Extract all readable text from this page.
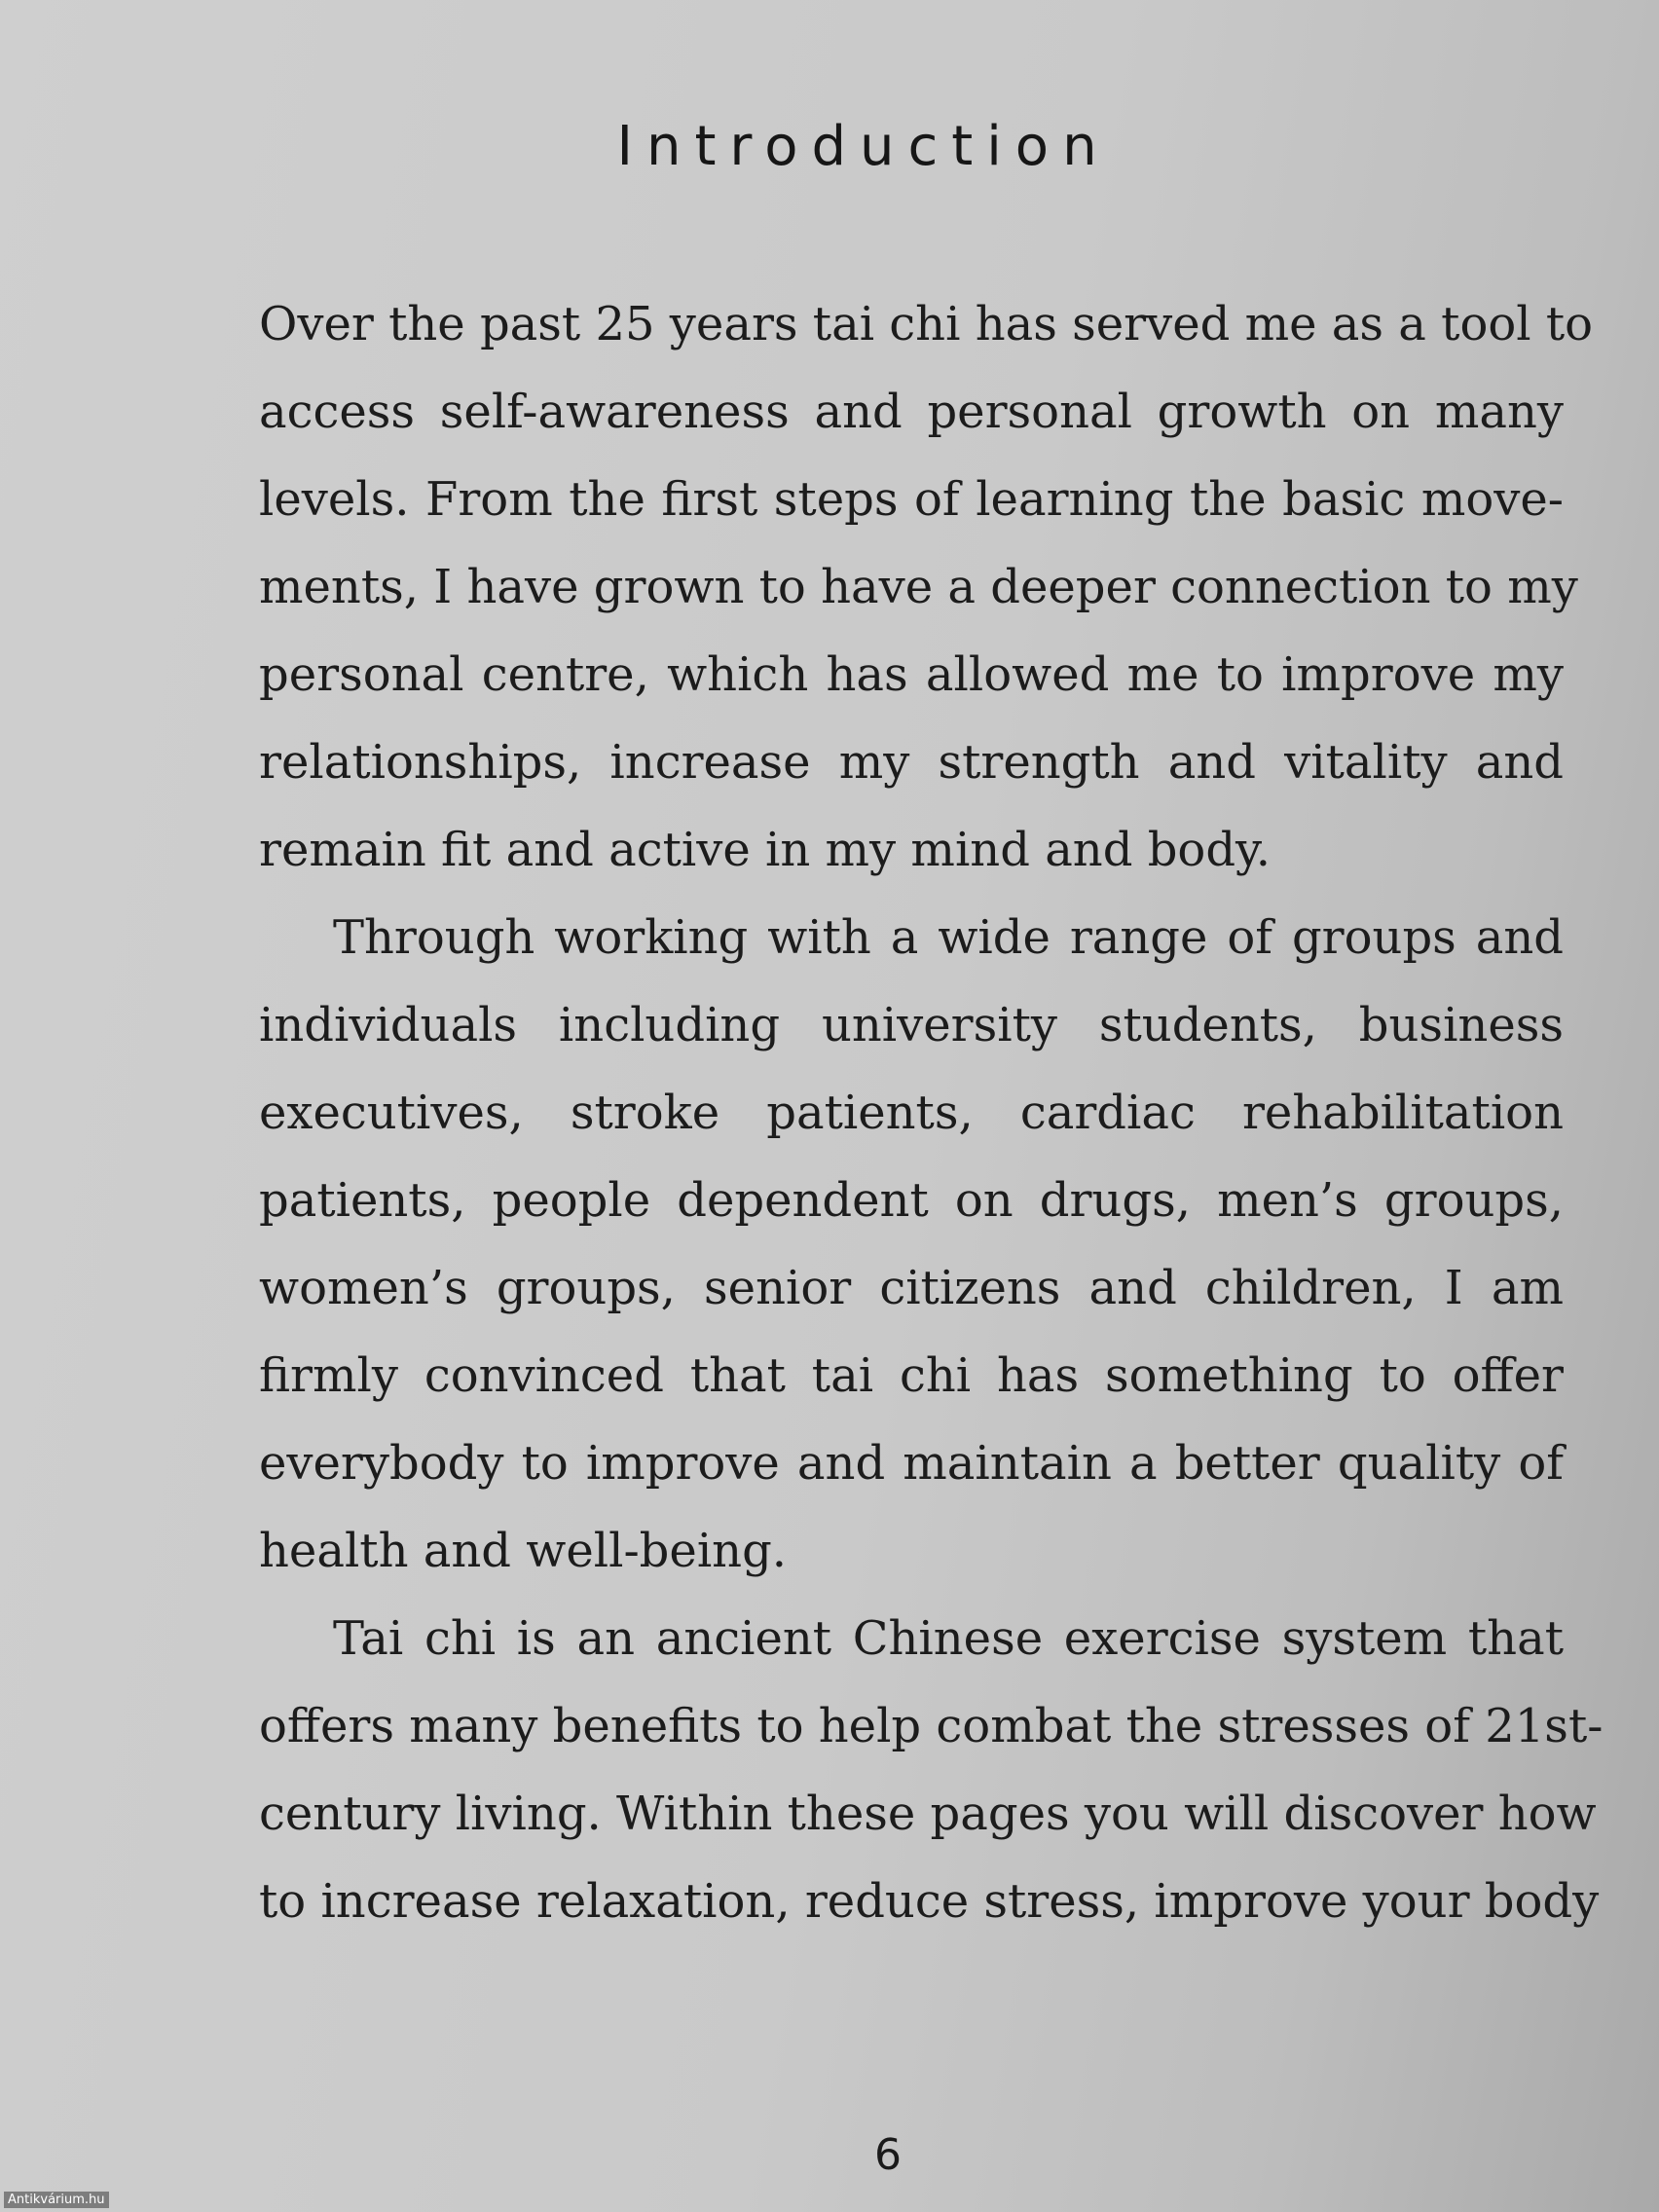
Introduction
Over the past 25 years tai chi has served me as a tool to
access self-awareness and personal growth on many
levels. From the first steps of learning the basic move-
ments, I have grown to have a deeper connection to my
personal centre, which has allowed me to improve my
relationships, increase my strength and vitality and
remain fit and active in my mind and body.
Through working with a wide range of groups and
individuals including university students, business
executives, stroke patients, cardiac rehabilitation
patients, people dependent on drugs, men’s groups,
women’s groups, senior citizens and children, I am
firmly convinced that tai chi has something to offer
everybody to improve and maintain a better quality of
health and well-being.
Tai chi is an ancient Chinese exercise system that
offers many benefits to help combat the stresses of 21st-
century living. Within these pages you will discover how
to increase relaxation, reduce stress, improve your body
6
Antikvárium.hu
